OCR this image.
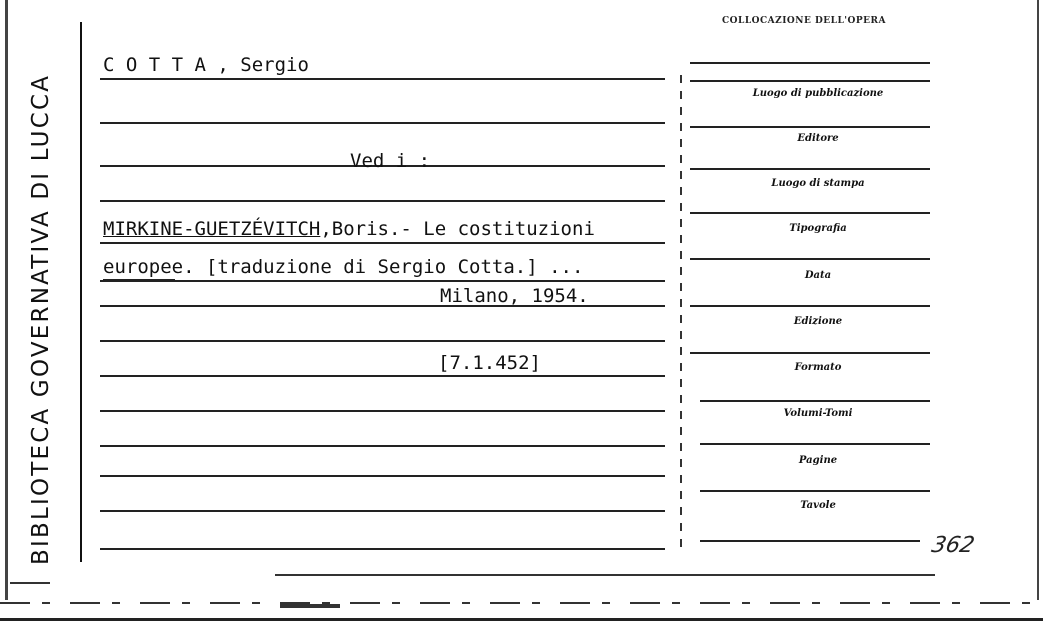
BIBLIOTECA GOVERNATIVA DI LUCCA
C O T T A , Sergio
Ved i :
MIRKINE-GUETZÉVITCH,Boris.- Le costituzioni
europee. [traduzione di Sergio Cotta.] ...
Milano, 1954.
[7.1.452]
COLLOCAZIONE DELL'OPERA
Luogo di pubblicazione
Editore
Luogo di stampa
Tipografia
Data
Edizione
Formato
Volumi-Tomi
Pagine
Tavole
362
